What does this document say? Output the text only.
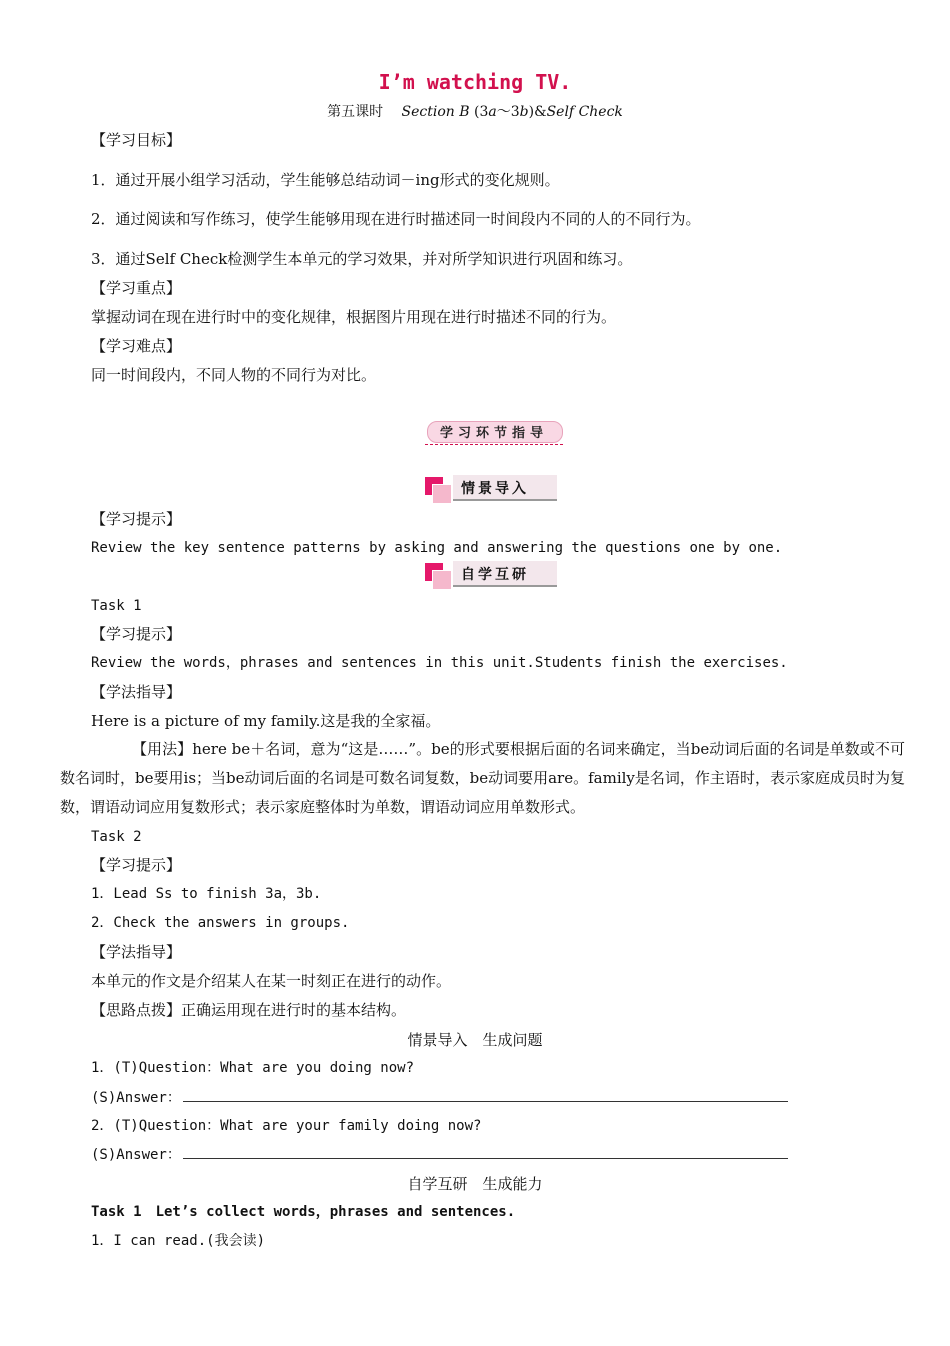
I’m watching TV.
第五课时　 Section B (3a～3b)&Self Check
【学习目标】
1．通过开展小组学习活动，学生能够总结动词－ing形式的变化规则。
2．通过阅读和写作练习，使学生能够用现在进行时描述同一时间段内不同的人的不同行为。
3．通过Self Check检测学生本单元的学习效果，并对所学知识进行巩固和练习。
【学习重点】
掌握动词在现在进行时中的变化规律，根据图片用现在进行时描述不同的行为。
【学习难点】
同一时间段内，不同人物的不同行为对比。
学习环节指导
情景导入
【学习提示】
Review the key sentence patterns by asking and answering the questions one by one.
自学互研
Task 1
【学习提示】
Review the words，phrases and sentences in this unit.Students finish the exercises.
【学法指导】
Here is a picture of my family.这是我的全家福。
【用法】here be＋名词，意为“这是……”。be的形式要根据后面的名词来确定，当be动词后面的名词是单数或不可数名词时，be要用is；当be动词后面的名词是可数名词复数，be动词要用are。family是名词，作主语时，表示家庭成员时为复数，谓语动词应用复数形式；表示家庭整体时为单数，谓语动词应用单数形式。
Task 2
【学习提示】
1．Lead Ss to finish 3a，3b.
2．Check the answers in groups.
【学法指导】
本单元的作文是介绍某人在某一时刻正在进行的动作。
【思路点拨】正确运用现在进行时的基本结构。
情景导入　生成问题
1．(T)Question：What are you doing now?
(S)Answer：
2．(T)Question：What are your family doing now?
(S)Answer：
自学互研　生成能力
Task 1　Let’s collect words，phrases and sentences.
1．I can read.(我会读)
